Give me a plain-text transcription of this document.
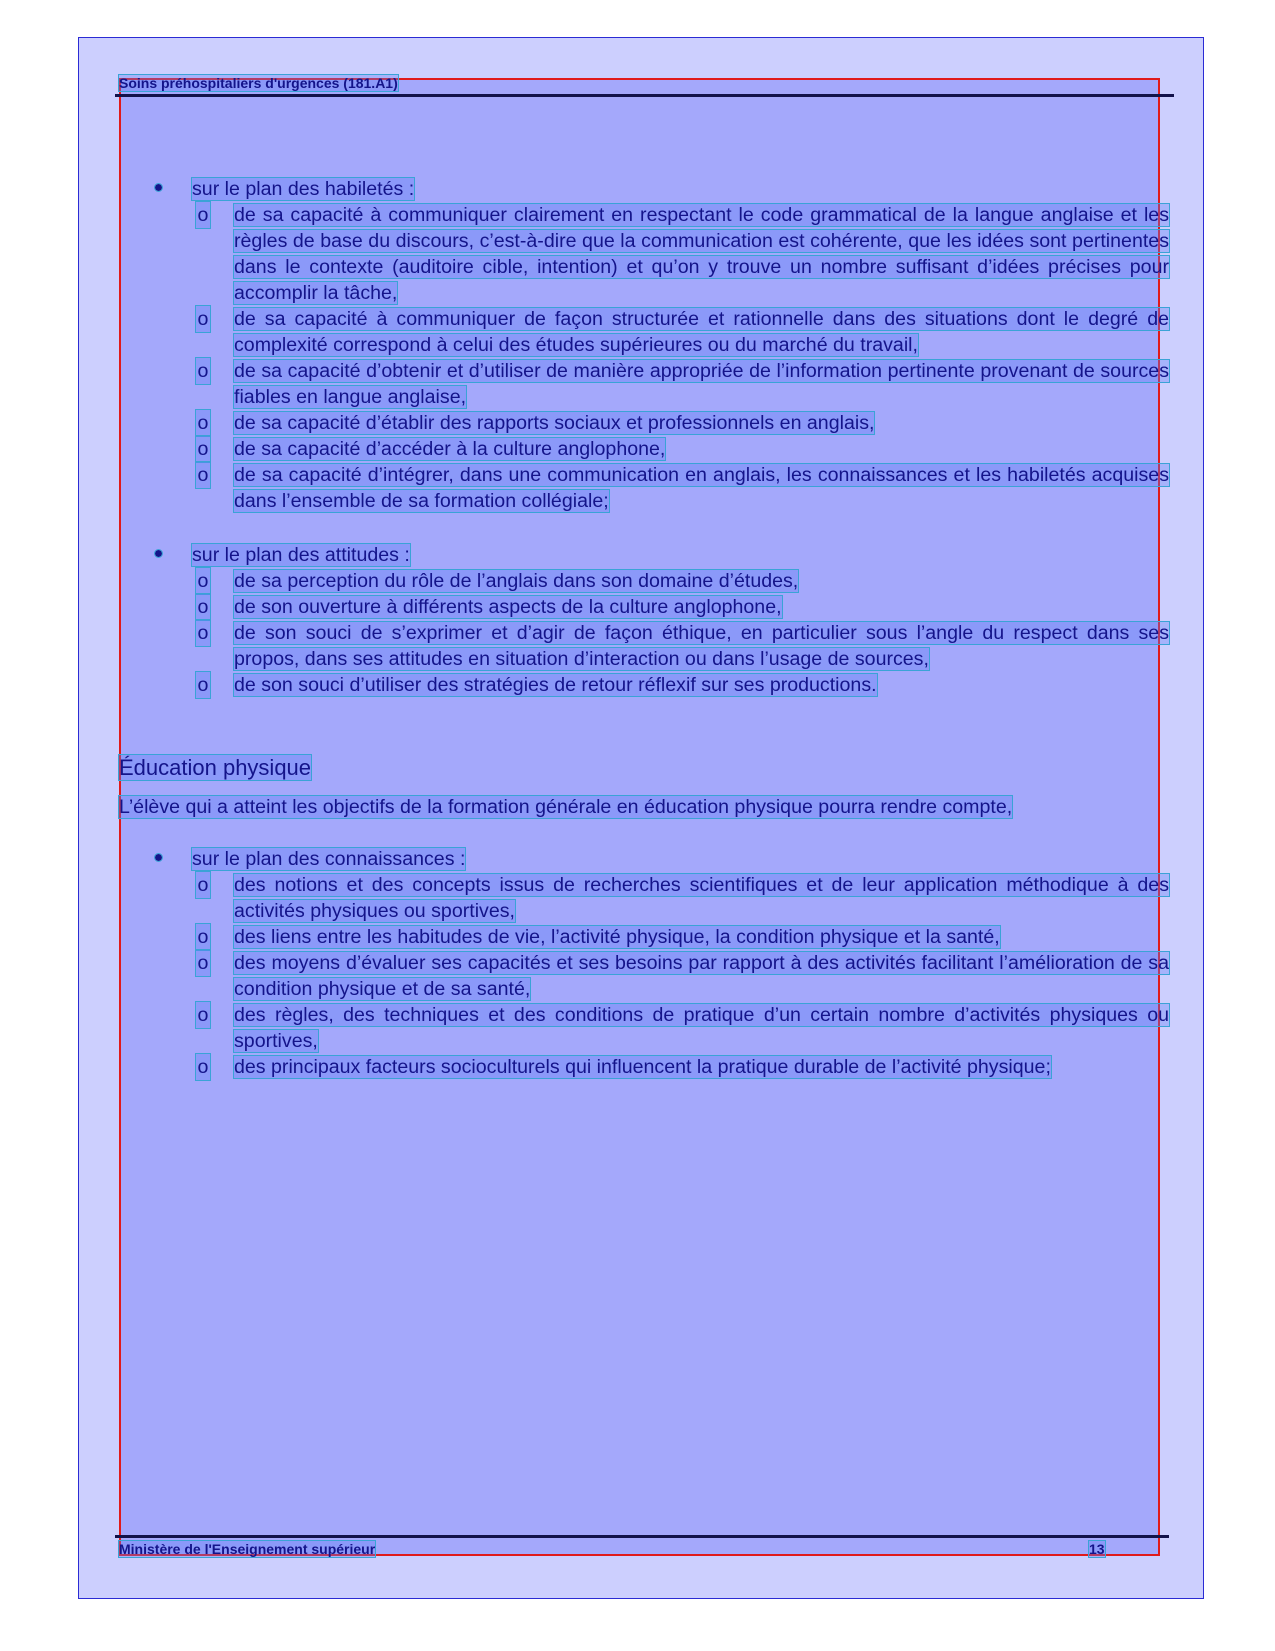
Soins préhospitaliers d'urgences (181.A1)
sur le plan des habiletés :
o de sa capacité à communiquer clairement en respectant le code grammatical de la langue anglaise et les règles de base du discours, c’est-à-dire que la communication est cohérente, que les idées sont pertinentes dans le contexte (auditoire cible, intention) et qu’on y trouve un nombre suffisant d’idées précises pour accomplir la tâche,
o de sa capacité à communiquer de façon structurée et rationnelle dans des situations dont le degré de complexité correspond à celui des études supérieures ou du marché du travail,
o de sa capacité d’obtenir et d’utiliser de manière appropriée de l’information pertinente provenant de sources fiables en langue anglaise,
o de sa capacité d’établir des rapports sociaux et professionnels en anglais,
o de sa capacité d’accéder à la culture anglophone,
o de sa capacité d’intégrer, dans une communication en anglais, les connaissances et les habiletés acquises dans l’ensemble de sa formation collégiale;
sur le plan des attitudes :
o de sa perception du rôle de l’anglais dans son domaine d’études,
o de son ouverture à différents aspects de la culture anglophone,
o de son souci de s’exprimer et d’agir de façon éthique, en particulier sous l’angle du respect dans ses propos, dans ses attitudes en situation d’interaction ou dans l’usage de sources,
o de son souci d’utiliser des stratégies de retour réflexif sur ses productions.
Éducation physique
L’élève qui a atteint les objectifs de la formation générale en éducation physique pourra rendre compte,
sur le plan des connaissances :
o des notions et des concepts issus de recherches scientifiques et de leur application méthodique à des activités physiques ou sportives,
o des liens entre les habitudes de vie, l’activité physique, la condition physique et la santé,
o des moyens d’évaluer ses capacités et ses besoins par rapport à des activités facilitant l’amélioration de sa condition physique et de sa santé,
o des règles, des techniques et des conditions de pratique d’un certain nombre d’activités physiques ou sportives,
o des principaux facteurs socioculturels qui influencent la pratique durable de l’activité physique;
Ministère de l'Enseignement supérieur	13
